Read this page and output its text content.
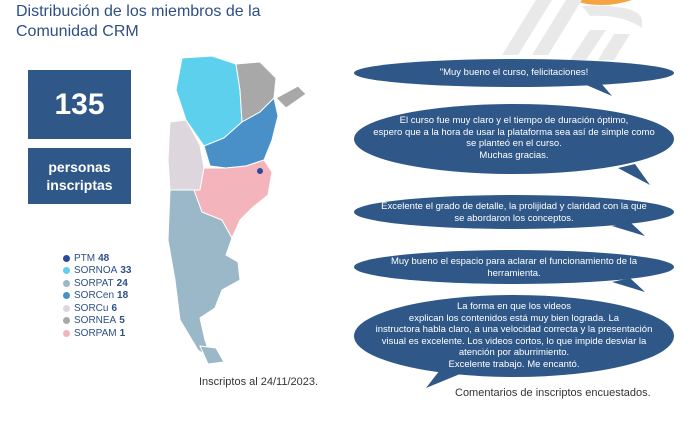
Distribución de los miembros de la
Comunidad CRM
135
personas
inscriptas
PTM 48
SORNOA 33
SORPAT 24
SORCen 18
SORCu 6
SORNEA 5
SORPAM 1
Inscriptos al 24/11/2023.
"Muy bueno el curso, felicitaciones!
El curso fue muy claro y el tiempo de duración óptimo,
espero que a la hora de usar la plataforma sea así de simple como
se planteó en el curso.
Muchas gracias.
Excelente el grado de detalle, la prolijidad y claridad con la que
se abordaron los conceptos.
Muy bueno el espacio para aclarar el funcionamiento de la
herramienta.
La forma en que los videos
explican los contenidos está muy bien lograda. La
instructora habla claro, a una velocidad correcta y la presentación
visual es excelente. Los videos cortos, lo que impide desviar la
atención por aburrimiento.
Excelente trabajo. Me encantó.
Comentarios de inscriptos encuestados.
